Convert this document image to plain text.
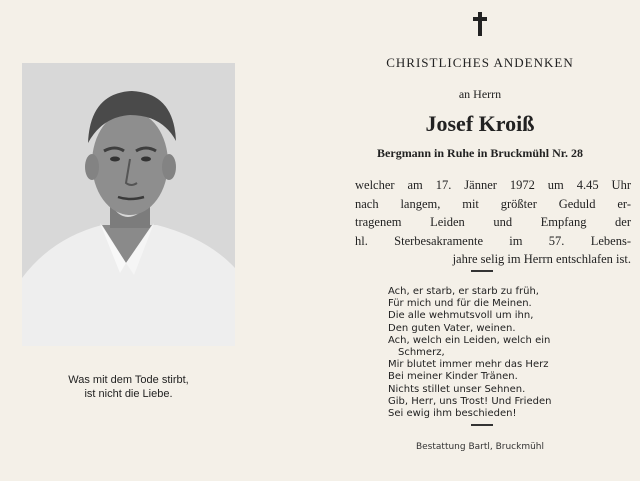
Was mit dem Tode stirbt,
ist nicht die Liebe.
CHRISTLICHES ANDENKEN
an Herrn
Josef Kroiß
Bergmann in Ruhe in Bruckmühl Nr. 28
welcher am 17. Jänner 1972 um 4.45 Uhr
nach langem, mit größter Geduld er-
tragenem Leiden und Empfang der
hl. Sterbesakramente im 57. Lebens-
jahre selig im Herrn entschlafen ist.
Ach, er starb, er starb zu früh,
Für mich und für die Meinen.
Die alle wehmutsvoll um ihn,
Den guten Vater, weinen.
Ach, welch ein Leiden, welch ein
Schmerz,
Mir blutet immer mehr das Herz
Bei meiner Kinder Tränen.
Nichts stillet unser Sehnen.
Gib, Herr, uns Trost! Und Frieden
Sei ewig ihm beschieden!
Bestattung Bartl, Bruckmühl
